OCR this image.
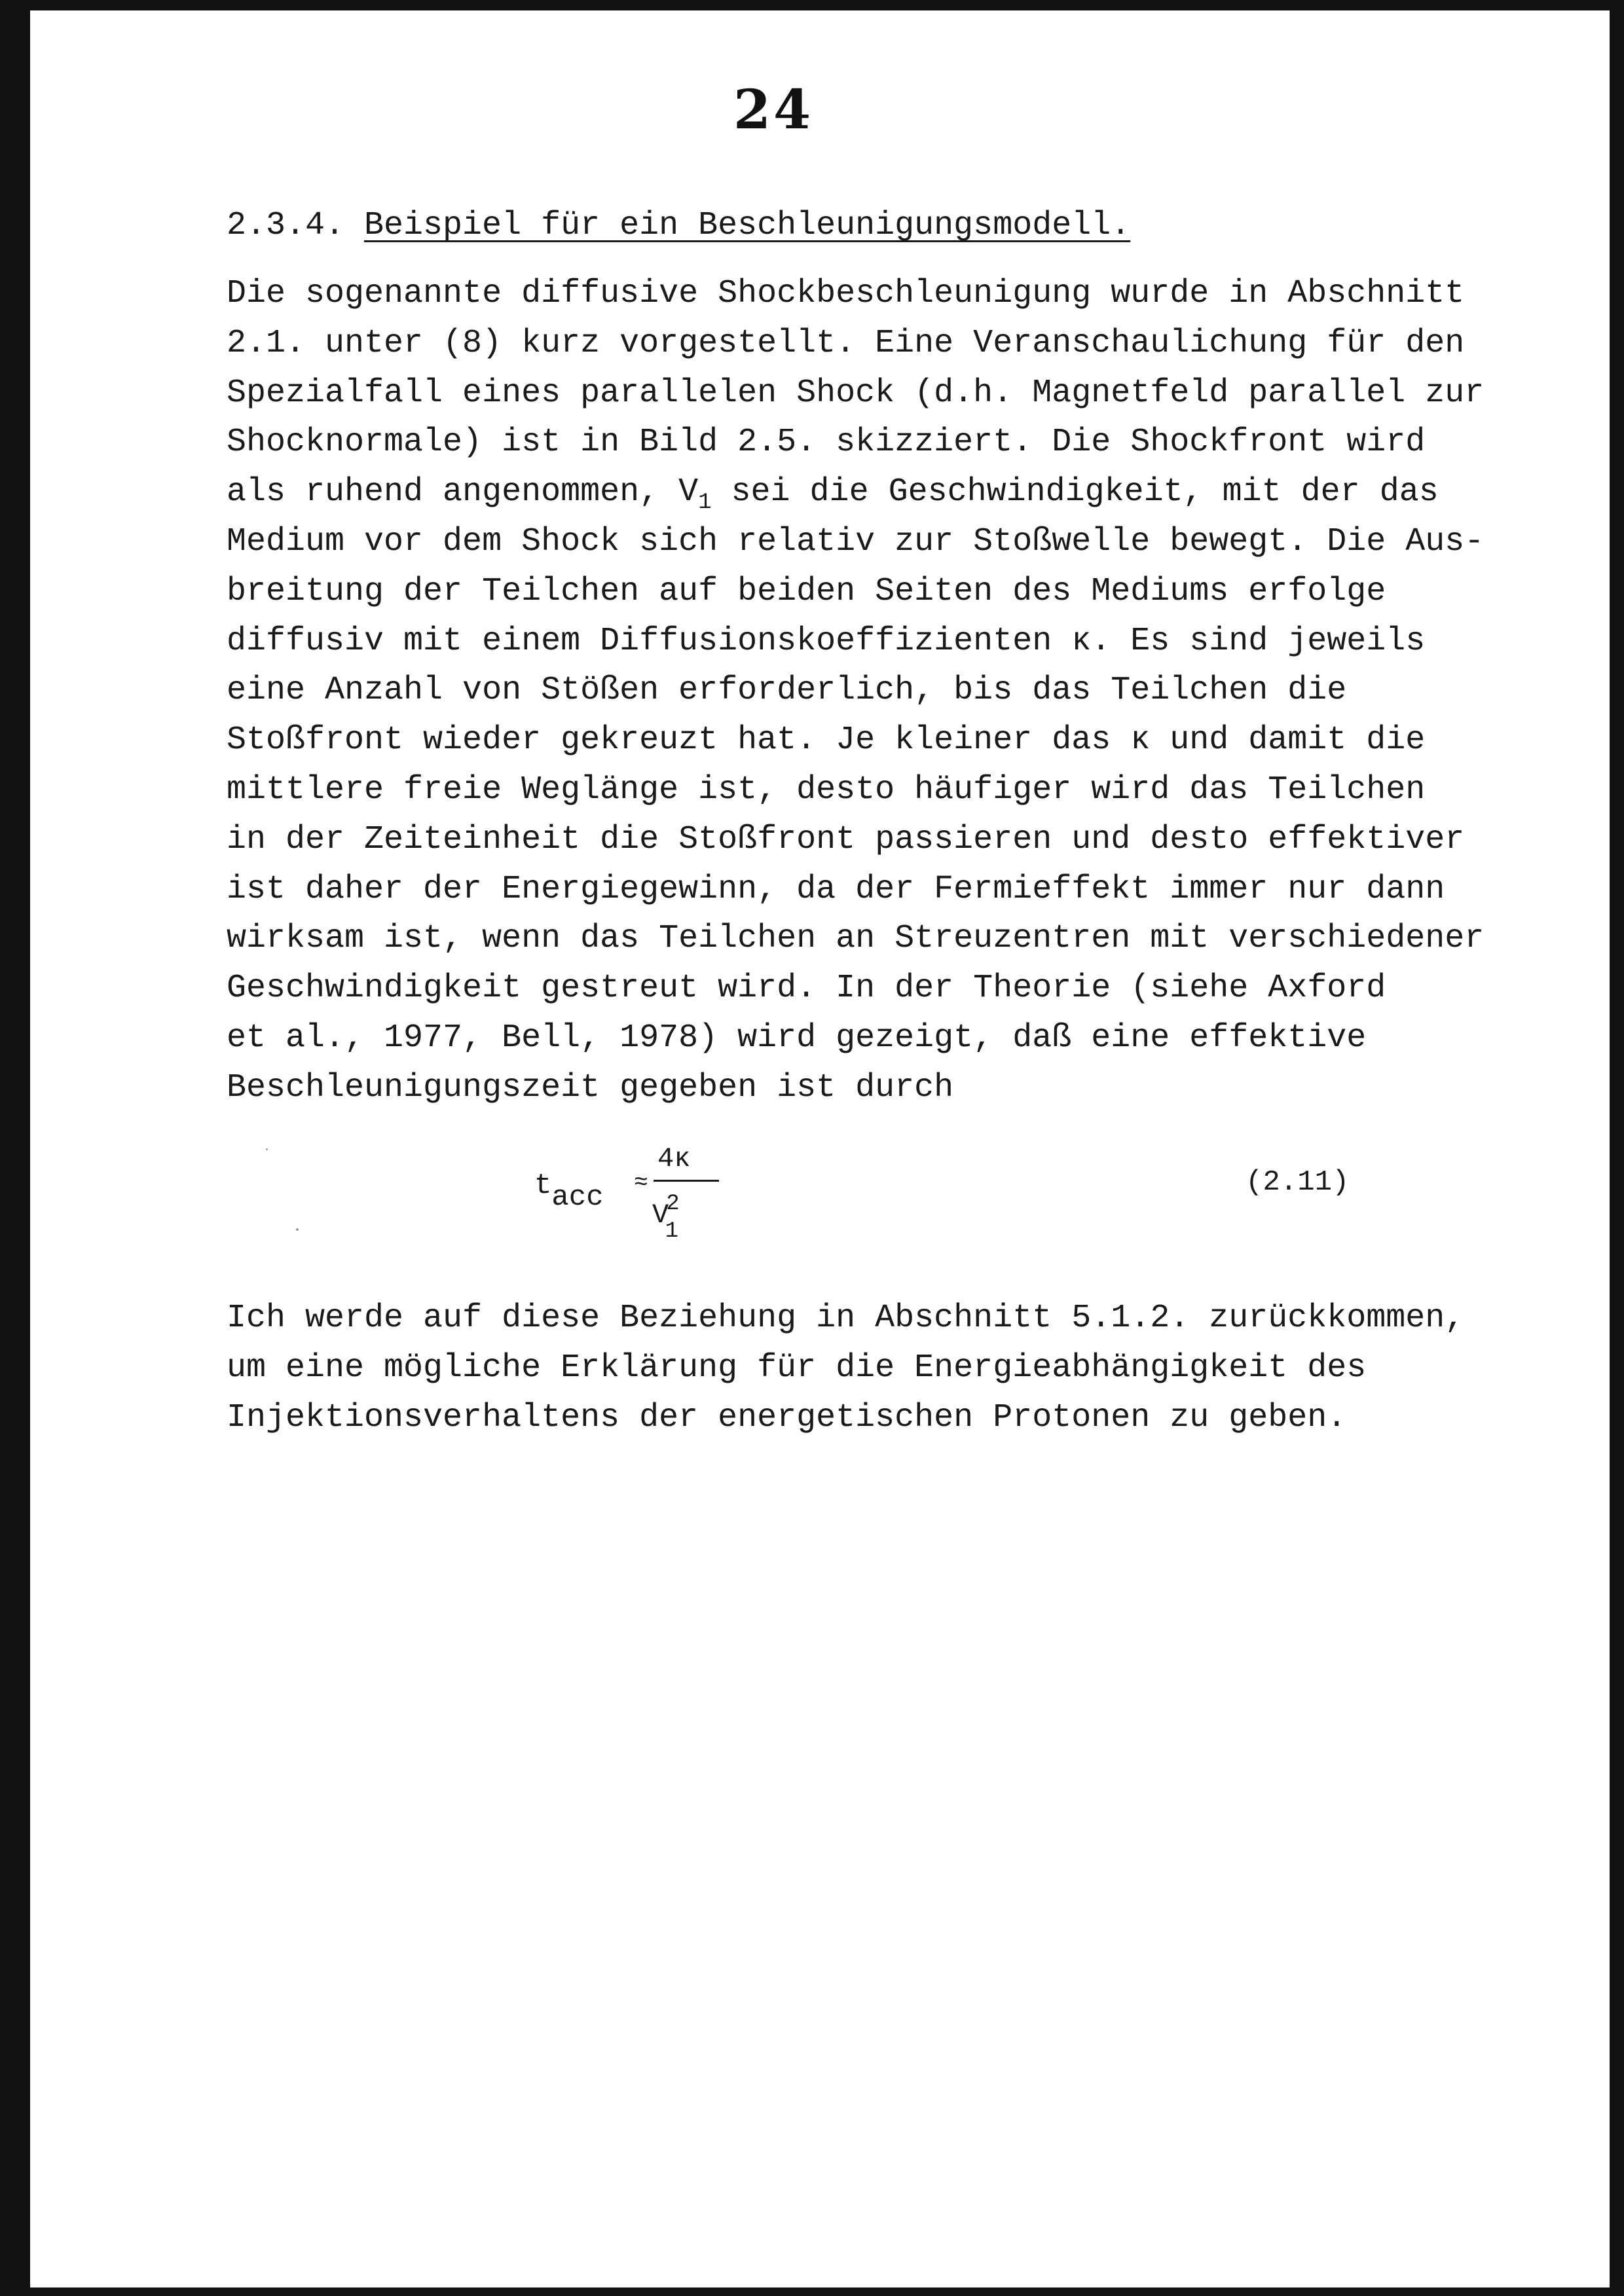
24
2.3.4. Beispiel für ein Beschleunigungsmodell.
Die sogenannte diffusive Shockbeschleunigung wurde in Abschnitt
2.1. unter (8) kurz vorgestellt. Eine Veranschaulichung für den
Spezialfall eines parallelen Shock (d.h. Magnetfeld parallel zur
Shocknormale) ist in Bild 2.5. skizziert. Die Shockfront wird
als ruhend angenommen, $V_1$ sei die Geschwindigkeit, mit der das
Medium vor dem Shock sich relativ zur Stoßwelle bewegt. Die Aus-
breitung der Teilchen auf beiden Seiten des Mediums erfolge
diffusiv mit einem Diffusionskoeffizienten κ. Es sind jeweils
eine Anzahl von Stößen erforderlich, bis das Teilchen die
Stoßfront wieder gekreuzt hat. Je kleiner das κ und damit die
mittlere freie Weglänge ist, desto häufiger wird das Teilchen
in der Zeiteinheit die Stoßfront passieren und desto effektiver
ist daher der Energiegewinn, da der Fermieffekt immer nur dann
wirksam ist, wenn das Teilchen an Streuzentren mit verschiedener
Geschwindigkeit gestreut wird. In der Theorie (siehe Axford
et al., 1977, Bell, 1978) wird gezeigt, daß eine effektive
Beschleunigungszeit gegeben ist durch
$t_{acc}$ ≈
4κ
$V^2_1$
(2.11)
Ich werde auf diese Beziehung in Abschnitt 5.1.2. zurückkommen,
um eine mögliche Erklärung für die Energieabhängigkeit des
Injektionsverhaltens der energetischen Protonen zu geben.
